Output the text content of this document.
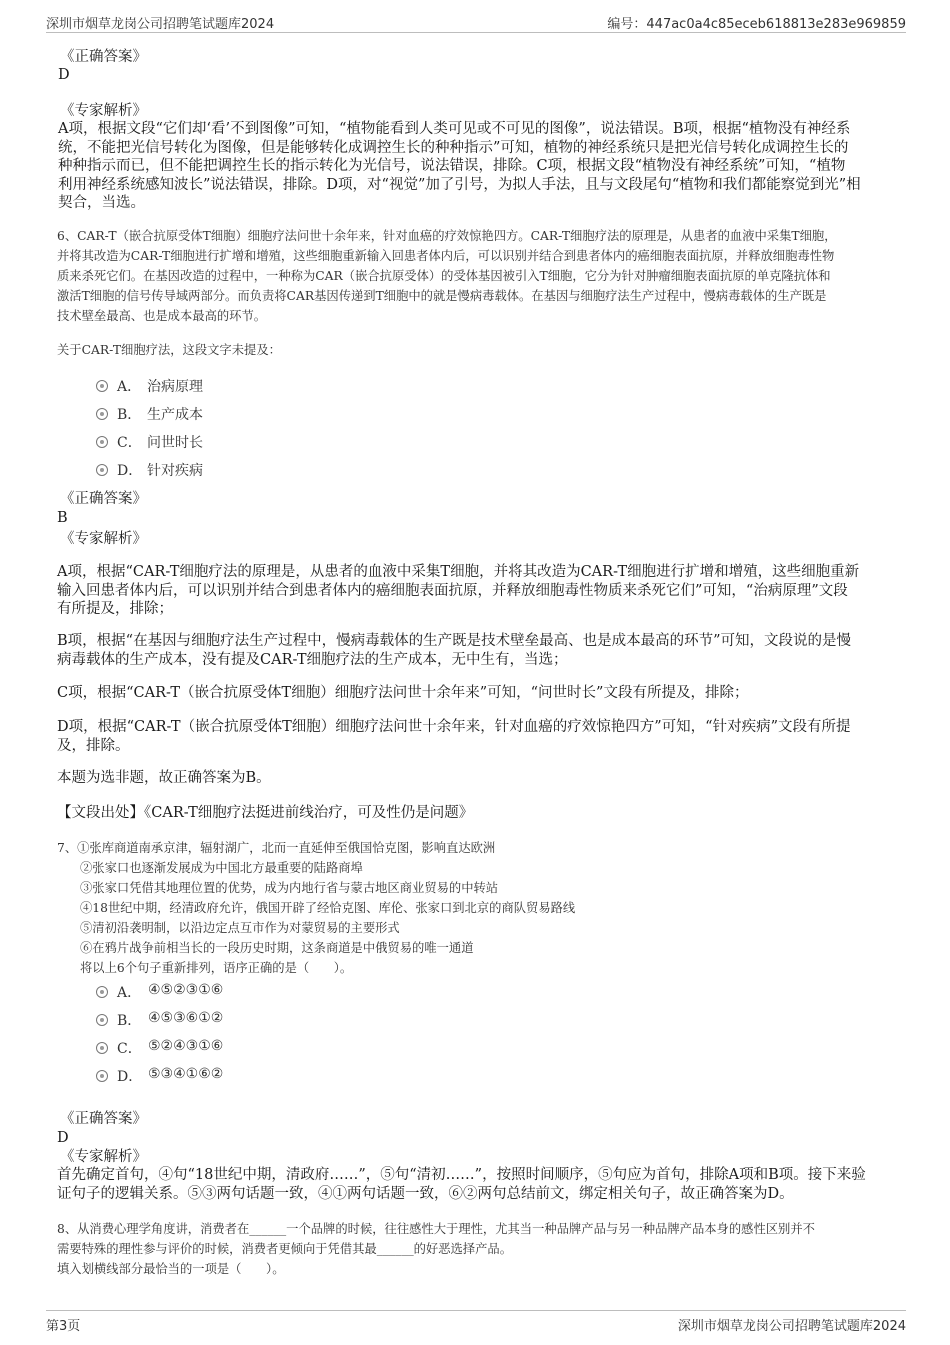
深圳市烟草龙岗公司招聘笔试题库2024	编号：447ac0a4c85eceb618813e283e969859
《正确答案》
D
《专家解析》
A项，根据文段“它们却‘看’不到图像”可知，“植物能看到人类可见或不可见的图像”，说法错误。B项，根据“植物没有神经系
统，不能把光信号转化为图像，但是能够转化成调控生长的种种指示”可知，植物的神经系统只是把光信号转化成调控生长的
种种指示而已，但不能把调控生长的指示转化为光信号，说法错误，排除。C项，根据文段“植物没有神经系统”可知，“植物
利用神经系统感知波长”说法错误，排除。D项，对“视觉”加了引号，为拟人手法，且与文段尾句“植物和我们都能察觉到光”相
契合，当选。
6、CAR-T（嵌合抗原受体T细胞）细胞疗法问世十余年来，针对血癌的疗效惊艳四方。CAR-T细胞疗法的原理是，从患者的血液中采集T细胞，
并将其改造为CAR-T细胞进行扩增和增殖，这些细胞重新输入回患者体内后，可以识别并结合到患者体内的癌细胞表面抗原，并释放细胞毒性物
质来杀死它们。在基因改造的过程中，一种称为CAR（嵌合抗原受体）的受体基因被引入T细胞，它分为针对肿瘤细胞表面抗原的单克隆抗体和
激活T细胞的信号传导域两部分。而负责将CAR基因传递到T细胞中的就是慢病毒载体。在基因与细胞疗法生产过程中，慢病毒载体的生产既是
技术壁垒最高、也是成本最高的环节。
关于CAR-T细胞疗法，这段文字未提及：
A． 治病原理
B． 生产成本
C． 问世时长
D． 针对疾病
《正确答案》
B
《专家解析》
A项，根据“CAR-T细胞疗法的原理是，从患者的血液中采集T细胞，并将其改造为CAR-T细胞进行扩增和增殖，这些细胞重新
输入回患者体内后，可以识别并结合到患者体内的癌细胞表面抗原，并释放细胞毒性物质来杀死它们”可知，“治病原理”文段
有所提及，排除；
B项，根据“在基因与细胞疗法生产过程中，慢病毒载体的生产既是技术壁垒最高、也是成本最高的环节”可知，文段说的是慢
病毒载体的生产成本，没有提及CAR-T细胞疗法的生产成本，无中生有，当选；
C项，根据“CAR-T（嵌合抗原受体T细胞）细胞疗法问世十余年来”可知，“问世时长”文段有所提及，排除；
D项，根据“CAR-T（嵌合抗原受体T细胞）细胞疗法问世十余年来，针对血癌的疗效惊艳四方”可知，“针对疾病”文段有所提
及，排除。
本题为选非题，故正确答案为B。
【文段出处】《CAR-T细胞疗法挺进前线治疗，可及性仍是问题》
7、①张库商道南承京津，辐射湖广，北而一直延伸至俄国恰克图，影响直达欧洲
②张家口也逐渐发展成为中国北方最重要的陆路商埠
③张家口凭借其地理位置的优势，成为内地行省与蒙古地区商业贸易的中转站
④18世纪中期，经清政府允许，俄国开辟了经恰克图、库伦、张家口到北京的商队贸易路线
⑤清初沿袭明制，以沿边定点互市作为对蒙贸易的主要形式
⑥在鸦片战争前相当长的一段历史时期，这条商道是中俄贸易的唯一通道
将以上6个句子重新排列，语序正确的是（　　）。
A． ④⑤②③①⑥
B． ④⑤③⑥①②
C． ⑤②④③①⑥
D． ⑤③④①⑥②
《正确答案》
D
《专家解析》
首先确定首句，④句“18世纪中期，清政府……”，⑤句“清初……”，按照时间顺序，⑤句应为首句，排除A项和B项。接下来验
证句子的逻辑关系。⑤③两句话题一致，④①两句话题一致，⑥②两句总结前文，绑定相关句子，故正确答案为D。
8、从消费心理学角度讲，消费者在______一个品牌的时候，往往感性大于理性，尤其当一种品牌产品与另一种品牌产品本身的感性区别并不
需要特殊的理性参与评价的时候，消费者更倾向于凭借其最______的好恶选择产品。
填入划横线部分最恰当的一项是（　　）。
第3页	深圳市烟草龙岗公司招聘笔试题库2024
